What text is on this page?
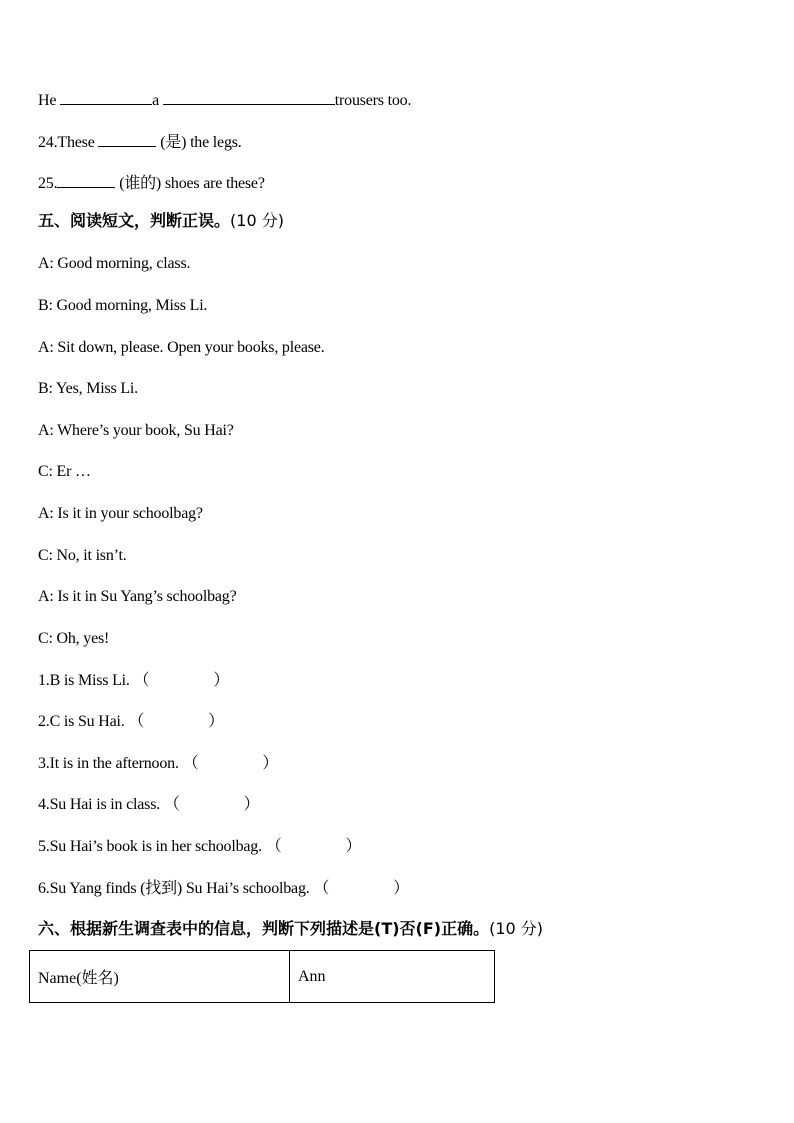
He	a	trousers too.
24.These	(是) the legs.
25.	(谁的) shoes are these?
五、阅读短文，判断正误。(10 分)
A: Good morning, class.
B: Good morning, Miss Li.
A: Sit down, please. Open your books, please.
B: Yes, Miss Li.
A: Where’s your book, Su Hai?
C: Er …
A: Is it in your schoolbag?
C: No, it isn’t.
A: Is it in Su Yang’s schoolbag?
C: Oh, yes!
1.B is Miss Li. （	）
2.C is Su Hai. （	）
3.It is in the afternoon. （	）
4.Su Hai is in class. （	）
5.Su Hai’s book is in her schoolbag. （	）
6.Su Yang finds (找到) Su Hai’s schoolbag. （	）
六、根据新生调查表中的信息，判断下列描述是(T)否(F)正确。(10 分)
Name(姓名)	Ann
